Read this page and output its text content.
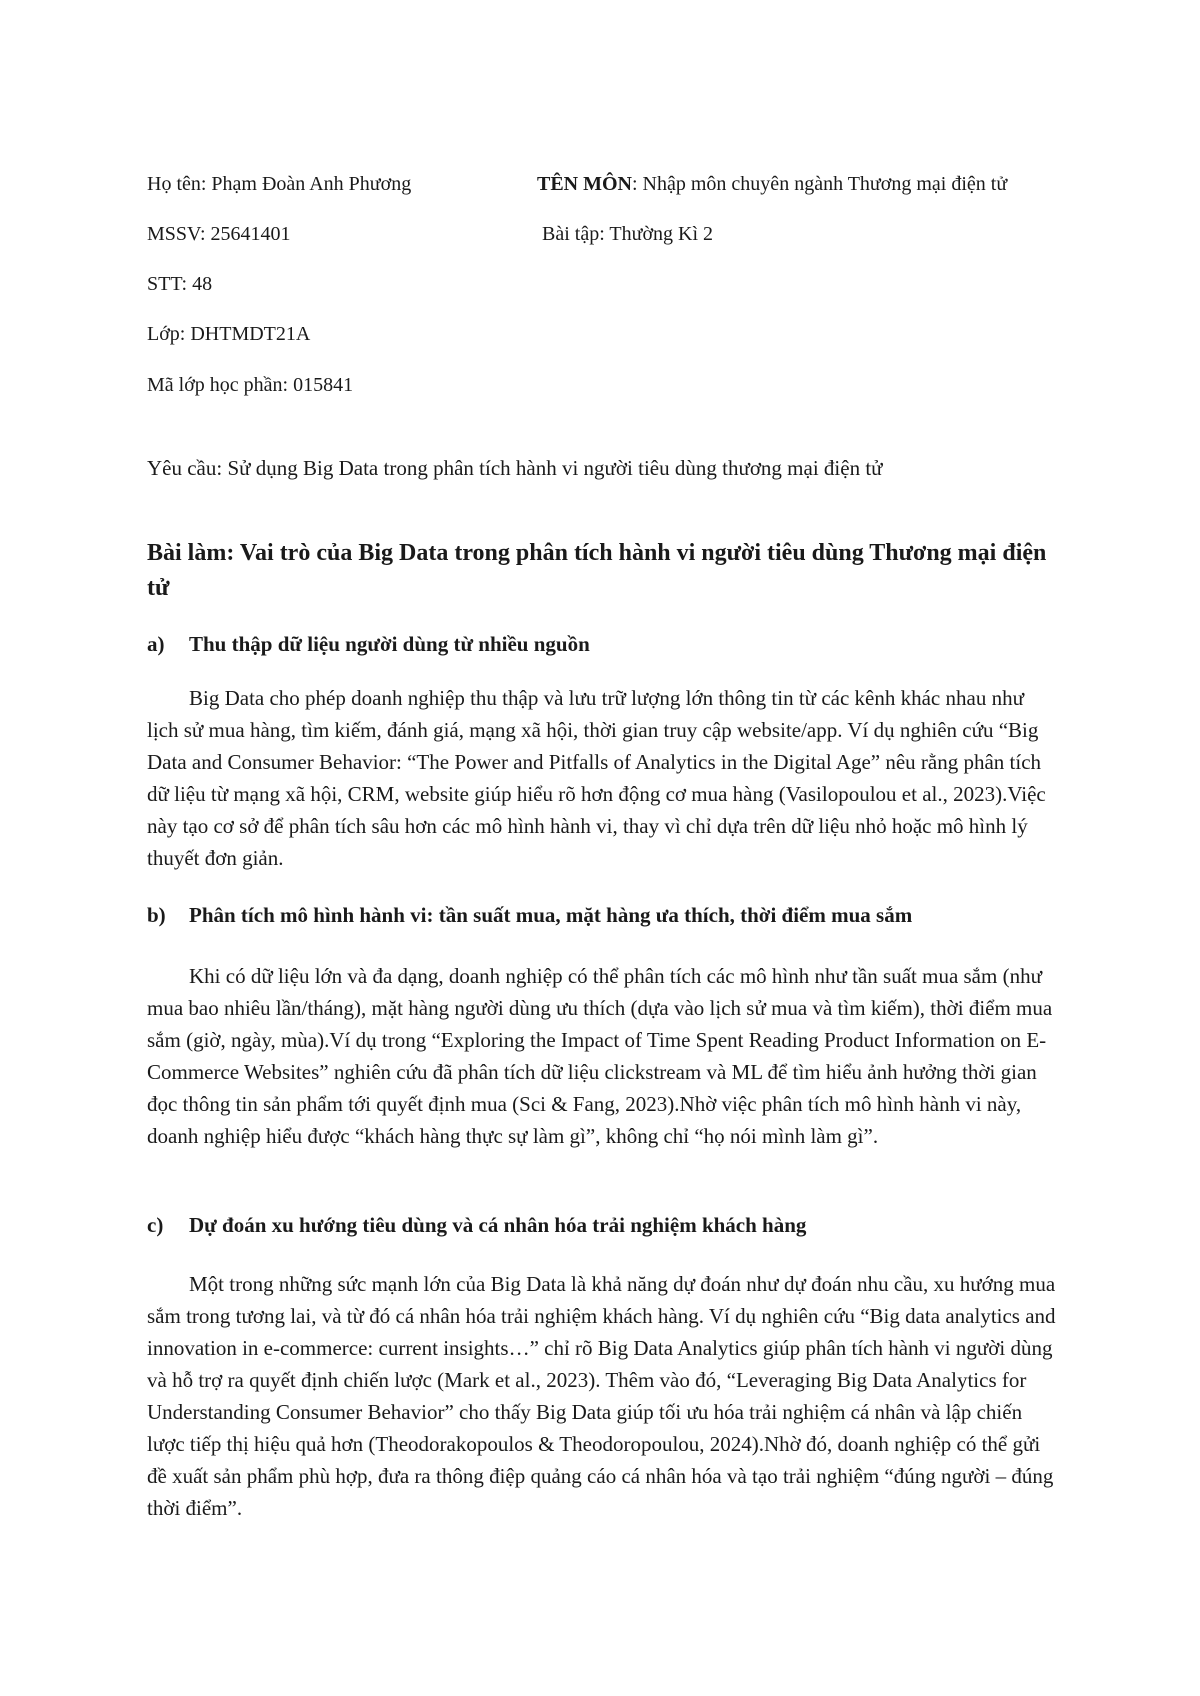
Họ tên: Phạm Đoàn Anh Phương	TÊN MÔN: Nhập môn chuyên ngành Thương mại điện tử
MSSV: 25641401	Bài tập: Thường Kì 2
STT: 48
Lớp: DHTMDT21A
Mã lớp học phần: 015841
Yêu cầu: Sử dụng Big Data trong phân tích hành vi người tiêu dùng thương mại điện tử
Bài làm: Vai trò của Big Data trong phân tích hành vi người tiêu dùng Thương mại điện tử
a) Thu thập dữ liệu người dùng từ nhiều nguồn
Big Data cho phép doanh nghiệp thu thập và lưu trữ lượng lớn thông tin từ các kênh khác nhau như lịch sử mua hàng, tìm kiếm, đánh giá, mạng xã hội, thời gian truy cập website/app. Ví dụ nghiên cứu “Big Data and Consumer Behavior: “The Power and Pitfalls of Analytics in the Digital Age” nêu rằng phân tích dữ liệu từ mạng xã hội, CRM, website giúp hiểu rõ hơn động cơ mua hàng (Vasilopoulou et al., 2023).Việc này tạo cơ sở để phân tích sâu hơn các mô hình hành vi, thay vì chỉ dựa trên dữ liệu nhỏ hoặc mô hình lý thuyết đơn giản.
b) Phân tích mô hình hành vi: tần suất mua, mặt hàng ưa thích, thời điểm mua sắm
Khi có dữ liệu lớn và đa dạng, doanh nghiệp có thể phân tích các mô hình như tần suất mua sắm (như mua bao nhiêu lần/tháng), mặt hàng người dùng ưu thích (dựa vào lịch sử mua và tìm kiếm), thời điểm mua sắm (giờ, ngày, mùa).Ví dụ trong “Exploring the Impact of Time Spent Reading Product Information on E-Commerce Websites” nghiên cứu đã phân tích dữ liệu clickstream và ML để tìm hiểu ảnh hưởng thời gian đọc thông tin sản phẩm tới quyết định mua (Sci & Fang, 2023).Nhờ việc phân tích mô hình hành vi này, doanh nghiệp hiểu được “khách hàng thực sự làm gì”, không chỉ “họ nói mình làm gì”.
c) Dự đoán xu hướng tiêu dùng và cá nhân hóa trải nghiệm khách hàng
Một trong những sức mạnh lớn của Big Data là khả năng dự đoán như dự đoán nhu cầu, xu hướng mua sắm trong tương lai, và từ đó cá nhân hóa trải nghiệm khách hàng. Ví dụ nghiên cứu “Big data analytics and innovation in e-commerce: current insights…” chỉ rõ Big Data Analytics giúp phân tích hành vi người dùng và hỗ trợ ra quyết định chiến lược (Mark et al., 2023). Thêm vào đó, “Leveraging Big Data Analytics for Understanding Consumer Behavior” cho thấy Big Data giúp tối ưu hóa trải nghiệm cá nhân và lập chiến lược tiếp thị hiệu quả hơn (Theodorakopoulos & Theodoropoulou, 2024).Nhờ đó, doanh nghiệp có thể gửi đề xuất sản phẩm phù hợp, đưa ra thông điệp quảng cáo cá nhân hóa và tạo trải nghiệm “đúng người – đúng thời điểm”.
